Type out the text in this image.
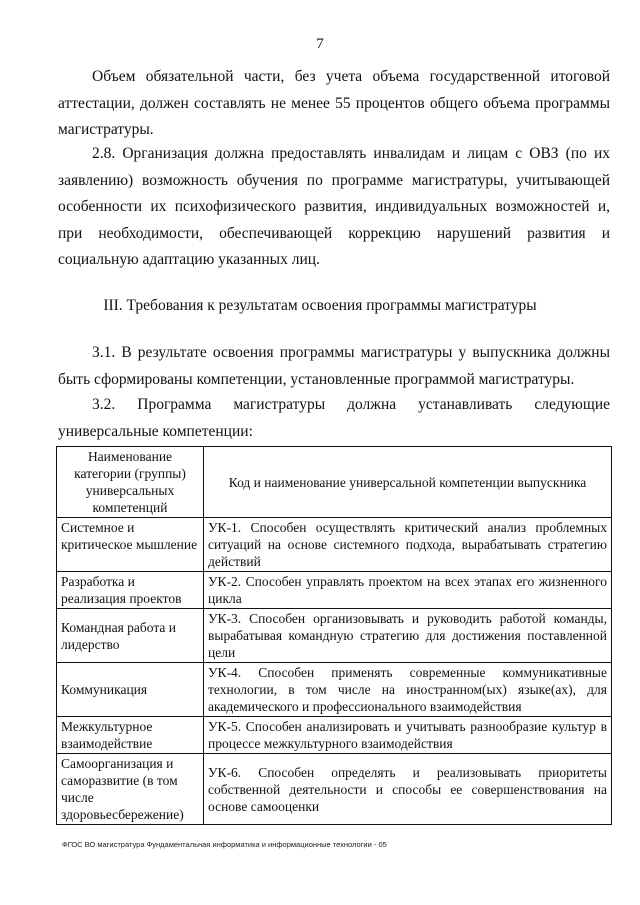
7

Объем обязательной части, без учета объема государственной итоговой аттестации, должен составлять не менее 55 процентов общего объема программы магистратуры.

2.8. Организация должна предоставлять инвалидам и лицам с ОВЗ (по их заявлению) возможность обучения по программе магистратуры, учитывающей особенности их психофизического развития, индивидуальных возможностей и, при необходимости, обеспечивающей коррекцию нарушений развития и социальную адаптацию указанных лиц.

III. Требования к результатам освоения программы магистратуры

3.1. В результате освоения программы магистратуры у выпускника должны быть сформированы компетенции, установленные программой магистратуры.

3.2. Программа магистратуры должна устанавливать следующие универсальные компетенции:

Наименование категории (группы) универсальных компетенций	Код и наименование универсальной компетенции выпускника
Системное и критическое мышление	УК-1. Способен осуществлять критический анализ проблемных ситуаций на основе системного подхода, вырабатывать стратегию действий
Разработка и реализация проектов	УК-2. Способен управлять проектом на всех этапах его жизненного цикла
Командная работа и лидерство	УК-3. Способен организовывать и руководить работой команды, вырабатывая командную стратегию для достижения поставленной цели
Коммуникация	УК-4. Способен применять современные коммуникативные технологии, в том числе на иностранном(ых) языке(ах), для академического и профессионального взаимодействия
Межкультурное взаимодействие	УК-5. Способен анализировать и учитывать разнообразие культур в процессе межкультурного взаимодействия
Самоорганизация и саморазвитие (в том числе здоровьесбережение)	УК-6. Способен определять и реализовывать приоритеты собственной деятельности и способы ее совершенствования на основе самооценки
ФГОС ВО магистратура Фундаментальная информатика и информационные технологии - 05
